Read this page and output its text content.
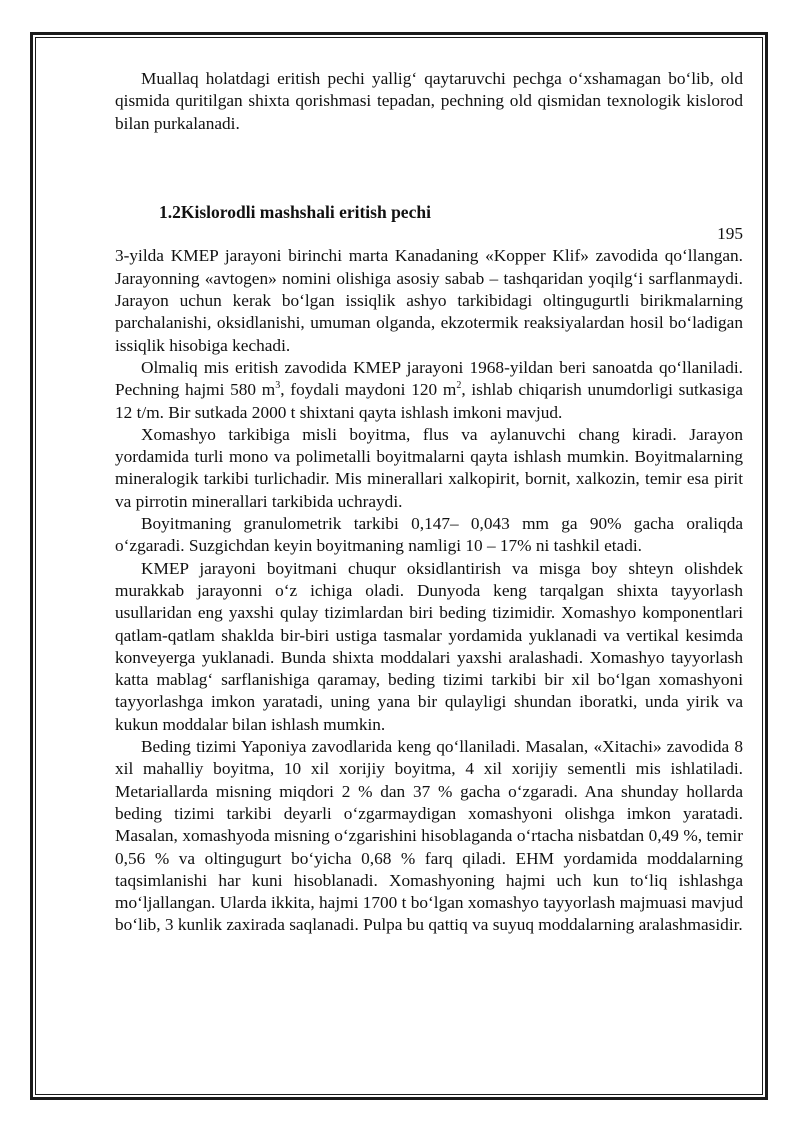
Muallaq holatdagi eritish pechi yallig‘ qaytaruvchi pechga o‘xshamagan bo‘lib, old qismida quritilgan shixta qorishmasi tepadan, pechning old qismidan texnologik kislorod bilan purkalanadi.

1.2Kislorodli mashshali eritish pechi
195

3-yilda KMEP jarayoni birinchi marta Kanadaning «Kopper Klif» zavodida qo‘llangan. Jarayonning «avtogen» nomini olishiga asosiy sabab – tashqaridan yoqilg‘i sarflanmaydi. Jarayon uchun kerak bo‘lgan issiqlik ashyo tarkibidagi oltingugurtli birikmalarning parchalanishi, oksidlanishi, umuman olganda, ekzotermik reaksiyalardan hosil bo‘ladigan issiqlik hisobiga kechadi.

Olmaliq mis eritish zavodida KMEP jarayoni 1968-yildan beri sanoatda qo‘llaniladi. Pechning hajmi 580 $m^3$, foydali maydoni 120 $m^2$, ishlab chiqarish unumdorligi sutkasiga 12 t/m. Bir sutkada 2000 t shixtani qayta ishlash imkoni mavjud.

Xomashyo tarkibiga misli boyitma, flus va aylanuvchi chang kiradi. Jarayon yordamida turli mono va polimetalli boyitmalarni qayta ishlash mumkin. Boyitmalarning mineralogik tarkibi turlichadir. Mis minerallari xalkopirit, bornit, xalkozin, temir esa pirit va pirrotin minerallari tarkibida uchraydi.

Boyitmaning granulometrik tarkibi 0,147– 0,043 mm ga 90% gacha oraliqda o‘zgaradi. Suzgichdan keyin boyitmaning namligi 10 – 17% ni tashkil etadi.

KMEP jarayoni boyitmani chuqur oksidlantirish va misga boy shteyn olishdek murakkab jarayonni o‘z ichiga oladi. Dunyoda keng tarqalgan shixta tayyorlash usullaridan eng yaxshi qulay tizimlardan biri beding tizimidir. Xomashyo komponentlari qatlam-qatlam shaklda bir-biri ustiga tasmalar yordamida yuklanadi va vertikal kesimda konveyerga yuklanadi. Bunda shixta moddalari yaxshi aralashadi. Xomashyo tayyorlash katta mablag‘ sarflanishiga qaramay, beding tizimi tarkibi bir xil bo‘lgan xomashyoni tayyorlashga imkon yaratadi, uning yana bir qulayligi shundan iboratki, unda yirik va kukun moddalar bilan ishlash mumkin.

Beding tizimi Yaponiya zavodlarida keng qo‘llaniladi. Masalan, «Xitachi» zavodida 8 xil mahalliy boyitma, 10 xil xorijiy boyitma, 4 xil xorijiy sementli mis ishlatiladi. Metariallarda misning miqdori 2 % dan 37 % gacha o‘zgaradi. Ana shunday hollarda beding tizimi tarkibi deyarli o‘zgarmaydigan xomashyoni olishga imkon yaratadi. Masalan, xomashyoda misning o‘zgarishini hisoblaganda o‘rtacha nisbatdan 0,49 %, temir 0,56 % va oltingugurt bo‘yicha 0,68 % farq qiladi. EHM yordamida moddalarning taqsimlanishi har kuni hisoblanadi. Xomashyoning hajmi uch kun to‘liq ishlashga mo‘ljallangan. Ularda ikkita, hajmi 1700 t bo‘lgan xomashyo tayyorlash majmuasi mavjud bo‘lib, 3 kunlik zaxirada saqlanadi. Pulpa bu qattiq va suyuq moddalarning aralashmasidir.
